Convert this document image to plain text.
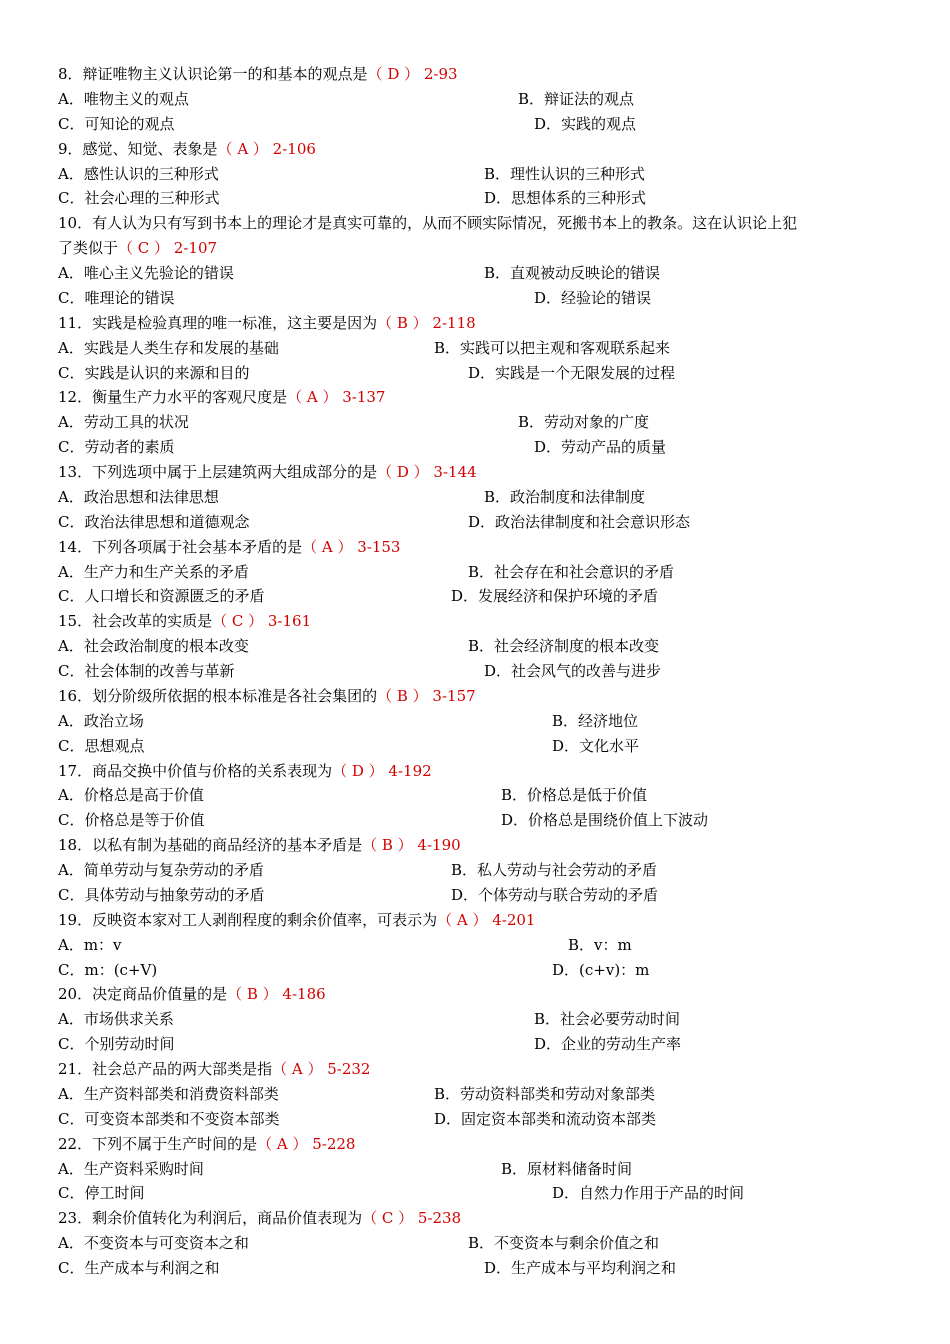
8．辩证唯物主义认识论第一的和基本的观点是（ D ） 2-93
A．唯物主义的观点	B．辩证法的观点
C．可知论的观点	D．实践的观点
9．感觉、知觉、表象是（ A ） 2-106
A．感性认识的三种形式	B．理性认识的三种形式
C．社会心理的三种形式	D．思想体系的三种形式
10．有人认为只有写到书本上的理论才是真实可靠的，从而不顾实际情况，死搬书本上的教条。这在认识论上犯
了类似于（ C ） 2-107
A．唯心主义先验论的错误	B．直观被动反映论的错误
C．唯理论的错误	D．经验论的错误
11．实践是检验真理的唯一标准，这主要是因为（ B ） 2-118
A．实践是人类生存和发展的基础	B．实践可以把主观和客观联系起来
C．实践是认识的来源和目的	D．实践是一个无限发展的过程
12．衡量生产力水平的客观尺度是（ A ） 3-137
A．劳动工具的状况	B．劳动对象的广度
C．劳动者的素质	D．劳动产品的质量
13．下列选项中属于上层建筑两大组成部分的是（ D ） 3-144
A．政治思想和法律思想	B．政治制度和法律制度
C．政治法律思想和道德观念	D．政治法律制度和社会意识形态
14．下列各项属于社会基本矛盾的是（ A ） 3-153
A．生产力和生产关系的矛盾	B．社会存在和社会意识的矛盾
C．人口增长和资源匮乏的矛盾	D．发展经济和保护环境的矛盾
15．社会改革的实质是（ C ） 3-161
A．社会政治制度的根本改变	B．社会经济制度的根本改变
C．社会体制的改善与革新	D．社会风气的改善与进步
16．划分阶级所依据的根本标准是各社会集团的（ B ） 3-157
A．政治立场	B．经济地位
C．思想观点	D．文化水平
17．商品交换中价值与价格的关系表现为（ D ） 4-192
A．价格总是高于价值	B．价格总是低于价值
C．价格总是等于价值	D．价格总是围绕价值上下波动
18．以私有制为基础的商品经济的基本矛盾是（ B ） 4-190
A．简单劳动与复杂劳动的矛盾	B．私人劳动与社会劳动的矛盾
C．具体劳动与抽象劳动的矛盾	D．个体劳动与联合劳动的矛盾
19．反映资本家对工人剥削程度的剩余价值率，可表示为（ A ） 4-201
A．m：v	B．v：m
C．m：(c+V)	D．(c+v)：m
20．决定商品价值量的是（ B ） 4-186
A．市场供求关系	B．社会必要劳动时间
C．个别劳动时间	D．企业的劳动生产率
21．社会总产品的两大部类是指（ A ） 5-232
A．生产资料部类和消费资料部类	B．劳动资料部类和劳动对象部类
C．可变资本部类和不变资本部类	D．固定资本部类和流动资本部类
22．下列不属于生产时间的是（ A ） 5-228
A．生产资料采购时间	B．原材料储备时间
C．停工时间	D．自然力作用于产品的时间
23．剩余价值转化为利润后，商品价值表现为（ C ） 5-238
A．不变资本与可变资本之和	B．不变资本与剩余价值之和
C．生产成本与利润之和	D．生产成本与平均利润之和
